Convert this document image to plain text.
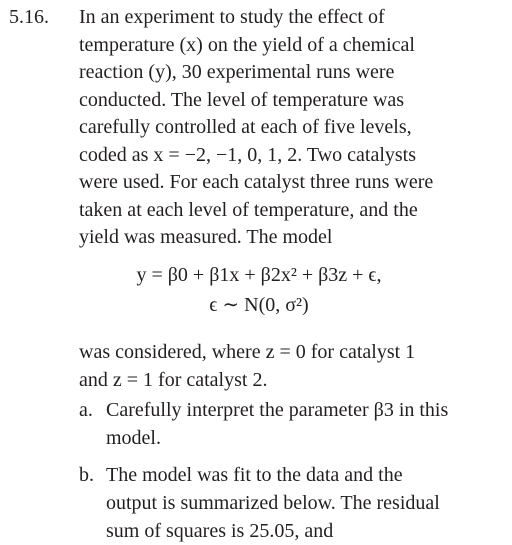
5.16. In an experiment to study the effect of
temperature (x) on the yield of a chemical
reaction (y), 30 experimental runs were
conducted. The level of temperature was
carefully controlled at each of five levels,
coded as x = −2, −1, 0, 1, 2. Two catalysts
were used. For each catalyst three runs were
taken at each level of temperature, and the
yield was measured. The model
y = β0 + β1x + β2x² + β3z + ϵ,
ϵ ∼ N(0, σ²)
was considered, where z = 0 for catalyst 1
and z = 1 for catalyst 2.
a. Carefully interpret the parameter β3 in this
model.
b. The model was fit to the data and the
output is summarized below. The residual
sum of squares is 25.05, and
